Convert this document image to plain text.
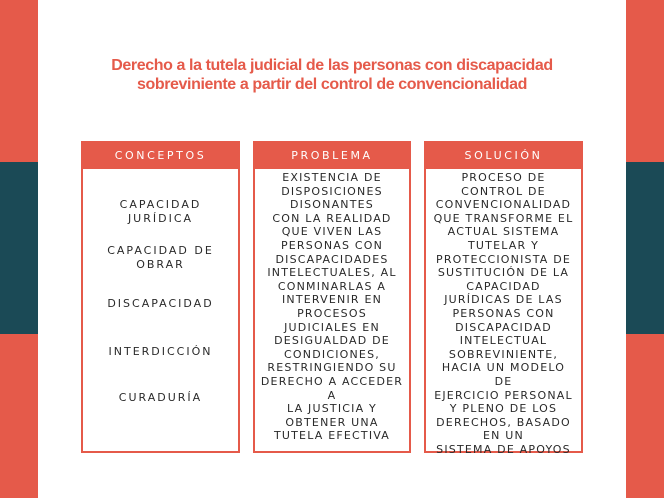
Derecho a la tutela judicial de las personas con discapacidad
sobreviniente a partir del control de convencionalidad
CONCEPTOS
CAPACIDAD
JURÍDICA
CAPACIDAD DE
OBRAR
DISCAPACIDAD
INTERDICCIÓN
CURADURÍA
PROBLEMA
EXISTENCIA DE
DISPOSICIONES
DISONANTES
CON LA REALIDAD
QUE VIVEN LAS
PERSONAS CON
DISCAPACIDADES
INTELECTUALES, AL
CONMINARLAS A
INTERVENIR EN
PROCESOS
JUDICIALES EN
DESIGUALDAD DE
CONDICIONES,
RESTRINGIENDO SU
DERECHO A ACCEDER
A
LA JUSTICIA Y
OBTENER UNA
TUTELA EFECTIVA
SOLUCIÓN
PROCESO DE
CONTROL DE
CONVENCIONALIDAD
QUE TRANSFORME EL
ACTUAL SISTEMA
TUTELAR Y
PROTECCIONISTA DE
SUSTITUCIÓN DE LA
CAPACIDAD
JURÍDICAS DE LAS
PERSONAS CON
DISCAPACIDAD
INTELECTUAL
SOBREVINIENTE,
HACIA UN MODELO
DE
EJERCICIO PERSONAL
Y PLENO DE LOS
DERECHOS, BASADO
EN UN
SISTEMA DE APOYOS
